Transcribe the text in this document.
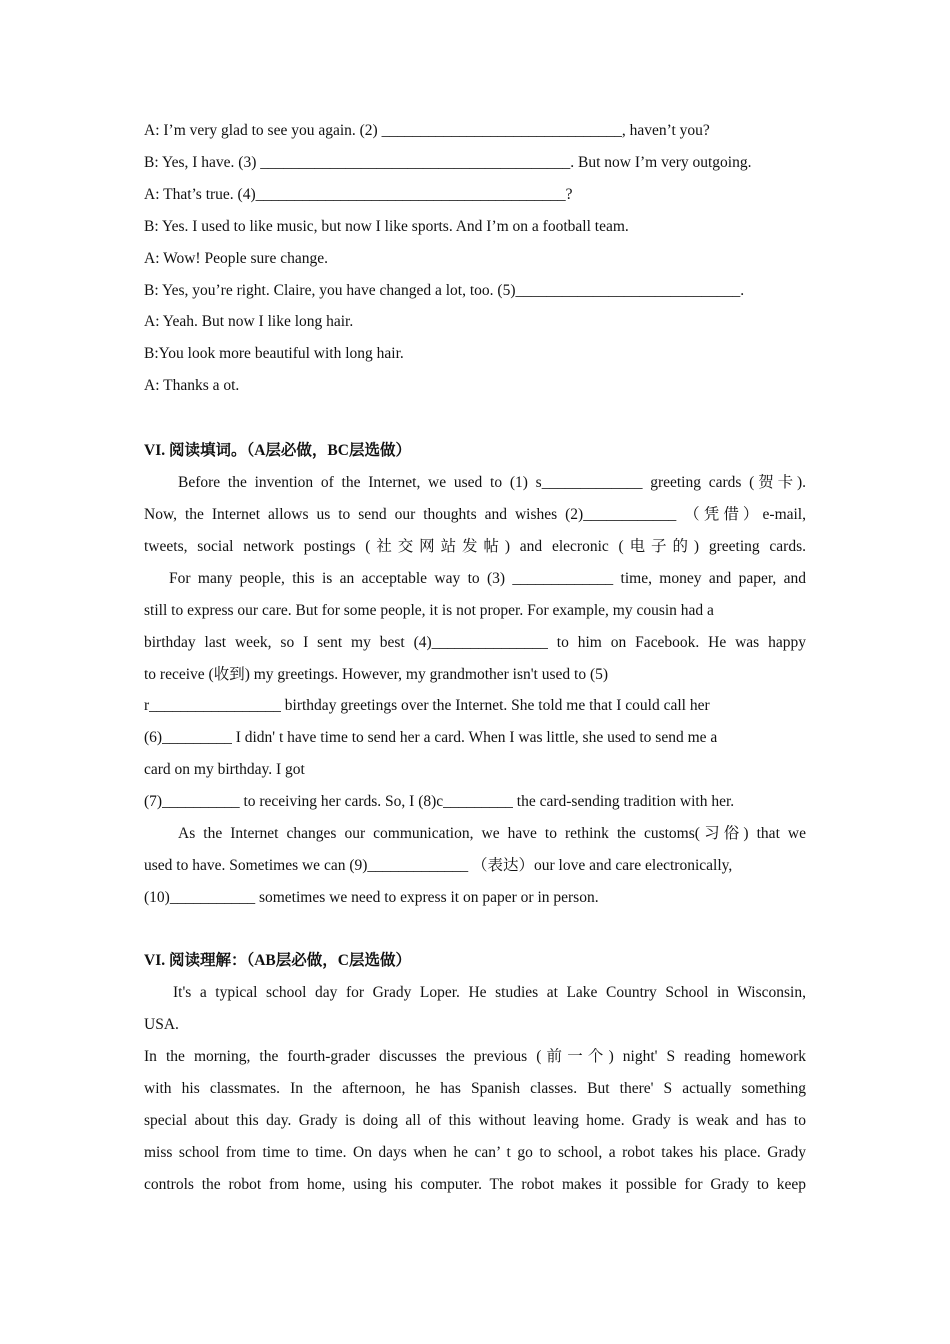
A: I’m very glad to see you again. (2) _______________________________, haven’t you?
B: Yes, I have. (3) ________________________________________. But now I’m very outgoing.
A: That’s true. (4)________________________________________?
B: Yes. I used to like music, but now I like sports. And I’m on a football team.
A: Wow! People sure change.
B: Yes, you’re right. Claire, you have changed a lot, too. (5)_____________________________.
A: Yeah. But now I like long hair.
B:You look more beautiful with long hair.
A: Thanks a ot.
VI. 阅读填词。（A层必做，BC层选做）
Before the invention of the Internet, we used to (1) s_____________ greeting cards (贺卡).
Now, the Internet allows us to send our thoughts and wishes (2)____________ （凭借）e-mail,
tweets, social network postings (社交网站发帖) and elecronic (电子的) greeting cards.
For many people, this is an acceptable way to (3) _____________ time, money and paper, and
still to express our care. But for some people, it is not proper. For example, my cousin had a
birthday last week, so I sent my best (4)_______________ to him on Facebook. He was happy
to receive (收到) my greetings. However, my grandmother isn't used to (5)
r_________________ birthday greetings over the Internet. She told me that I could call her
(6)_________ I didn' t have time to send her a card. When I was little, she used to send me a
card on my birthday. I got
(7)__________ to receiving her cards. So, I (8)c_________ the card-sending tradition with her.
As the Internet changes our communication, we have to rethink the customs(习俗) that we
used to have. Sometimes we can (9)_____________ （表达）our love and care electronically,
(10)___________ sometimes we need to express it on paper or in person.
VI. 阅读理解：（AB层必做，C层选做）
It's a typical school day for Grady Loper. He studies at Lake Country School in Wisconsin,
USA.
In the morning, the fourth-grader discusses the previous (前一个) night' S reading homework
with his classmates. In the afternoon, he has Spanish classes. But there' S actually something
special about this day. Grady is doing all of this without leaving home. Grady is weak and has to
miss school from time to time. On days when he can’ t go to school, a robot takes his place. Grady
controls the robot from home, using his computer. The robot makes it possible for Grady to keep
